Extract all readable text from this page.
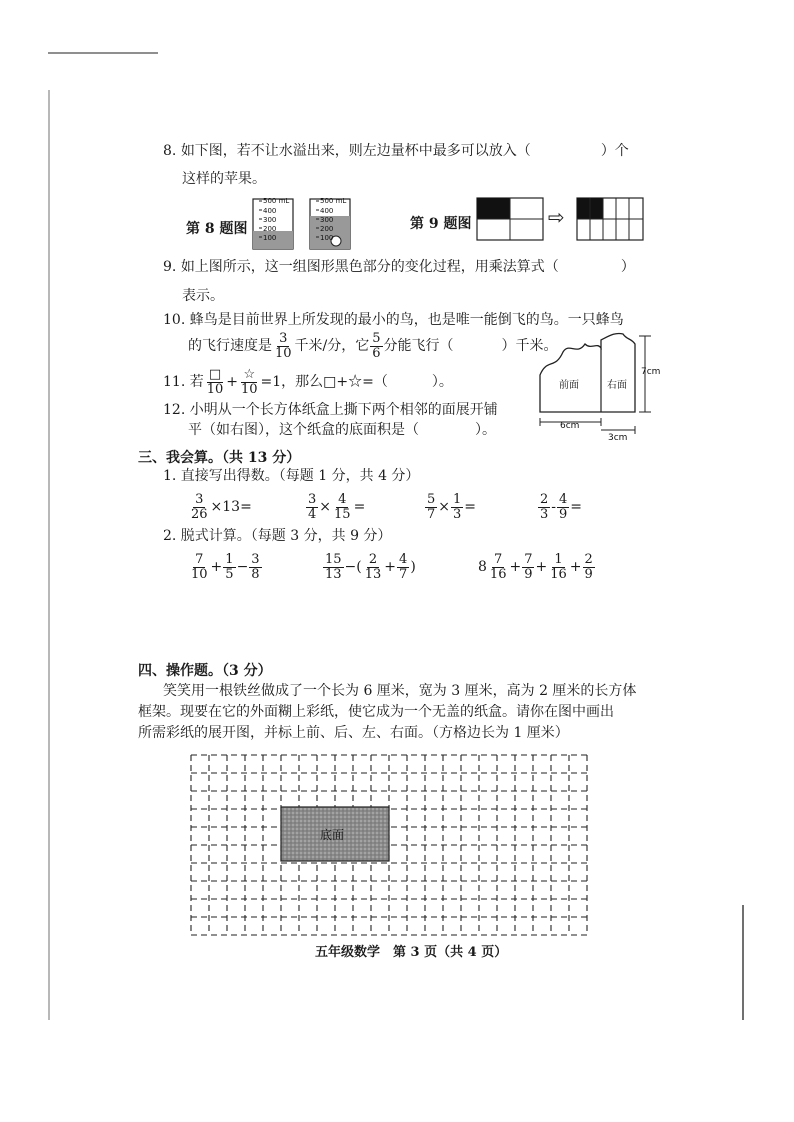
8. 如下图，若不让水溢出来，则左边量杯中最多可以放入（	）个
这样的苹果。
第 8 题图
500 mL
400
300
200
100
500 mL
400
300
200
100
第 9 题图	⇨
9. 如上图所示，这一组图形黑色部分的变化过程，用乘法算式（	）
表示。
10. 蜂鸟是目前世界上所发现的最小的鸟，也是唯一能倒飞的鸟。一只蜂鸟
的飞行速度是 $\frac{3}{10}$ 千米/分，它 $\frac{5}{6}$ 分能飞行（	）千米。
11. 若 $\frac{□}{10} + \frac{☆}{10} =1$，那么□+☆=（	）。
12. 小明从一个长方体纸盒上撕下两个相邻的面展开铺
平（如右图），这个纸盒的底面积是（	）。
前面	右面
7cm
6cm
3cm
三、我会算。（共 13 分）
1. 直接写出得数。（每题 1 分，共 4 分）
$\frac{3}{26} \times 13=$	$\frac{3}{4} \times \frac{4}{15}$ =	$\frac{5}{7} \times \frac{1}{3}$ =	$\frac{2}{3} - \frac{4}{9}$ =
2. 脱式计算。（每题 3 分，共 9 分）
$\frac{7}{10} + \frac{1}{5} - \frac{3}{8}$	$\frac{15}{13}$ −( $\frac{2}{13} + \frac{4}{7}$ )	$8 \frac{7}{16} + \frac{7}{9} + \frac{1}{16} + \frac{2}{9}$
四、操作题。（3 分）
笑笑用一根铁丝做成了一个长为 6 厘米，宽为 3 厘米，高为 2 厘米的长方体
框架。现要在它的外面糊上彩纸，使它成为一个无盖的纸盒。请你在图中画出
所需彩纸的展开图，并标上前、后、左、右面。（方格边长为 1 厘米）
底面
五年级数学　第 3 页（共 4 页）
